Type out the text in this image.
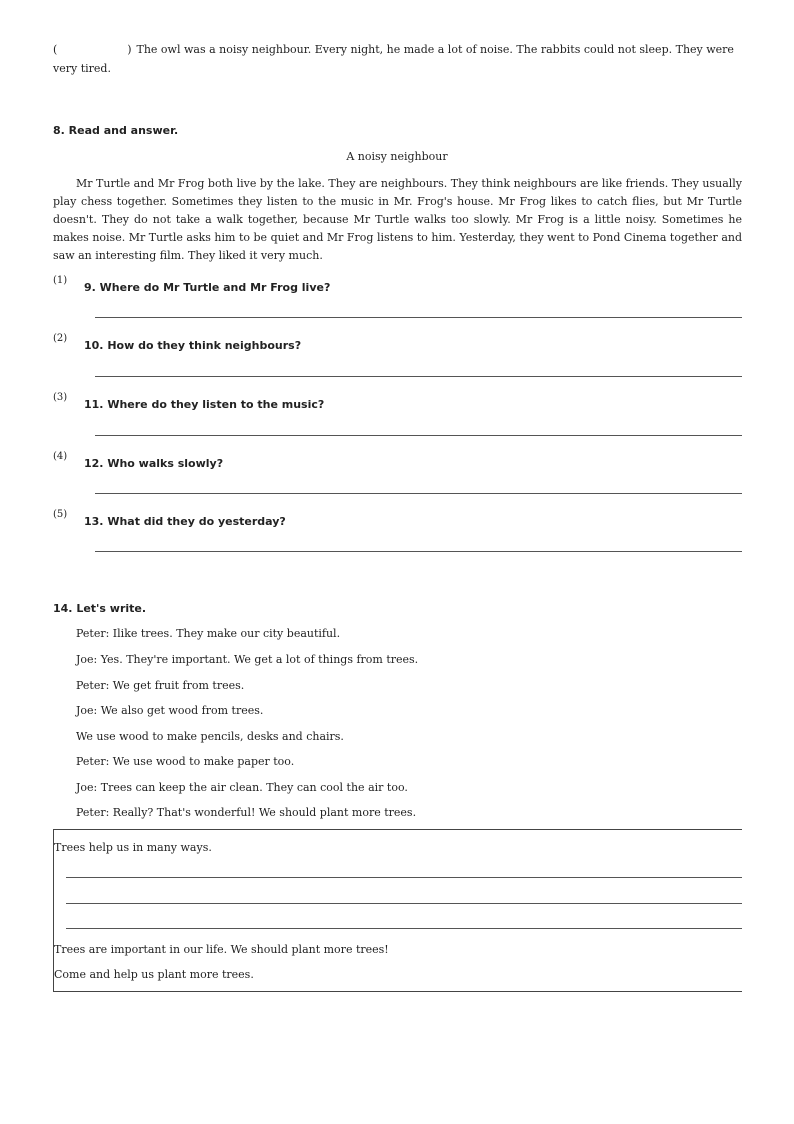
(	) The owl was a noisy neighbour. Every night, he made a lot of noise. The rabbits could not sleep. They were very tired.
8. Read and answer.
A noisy neighbour
Mr Turtle and Mr Frog both live by the lake. They are neighbours. They think neighbours are like friends. They usually play chess together. Sometimes they listen to the music in Mr. Frog's house. Mr Frog likes to catch flies, but Mr Turtle doesn't. They do not take a walk together, because Mr Turtle walks too slowly. Mr Frog is a little noisy. Sometimes he makes noise. Mr Turtle asks him to be quiet and Mr Frog listens to him. Yesterday, they went to Pond Cinema together and saw an interesting film. They liked it very much.
(1)
9. Where do Mr Turtle and Mr Frog live?
(2)
10. How do they think neighbours?
(3)
11. Where do they listen to the music?
(4)
12. Who walks slowly?
(5)
13. What did they do yesterday?
14. Let's write.
Peter: Ilike trees. They make our city beautiful.
Joe: Yes. They're important. We get a lot of things from trees.
Peter: We get fruit from trees.
Joe: We also get wood from trees.
We use wood to make pencils, desks and chairs.
Peter: We use wood to make paper too.
Joe: Trees can keep the air clean. They can cool the air too.
Peter: Really? That's wonderful! We should plant more trees.
Trees help us in many ways.
Trees are important in our life. We should plant more trees!
Come and help us plant more trees.
